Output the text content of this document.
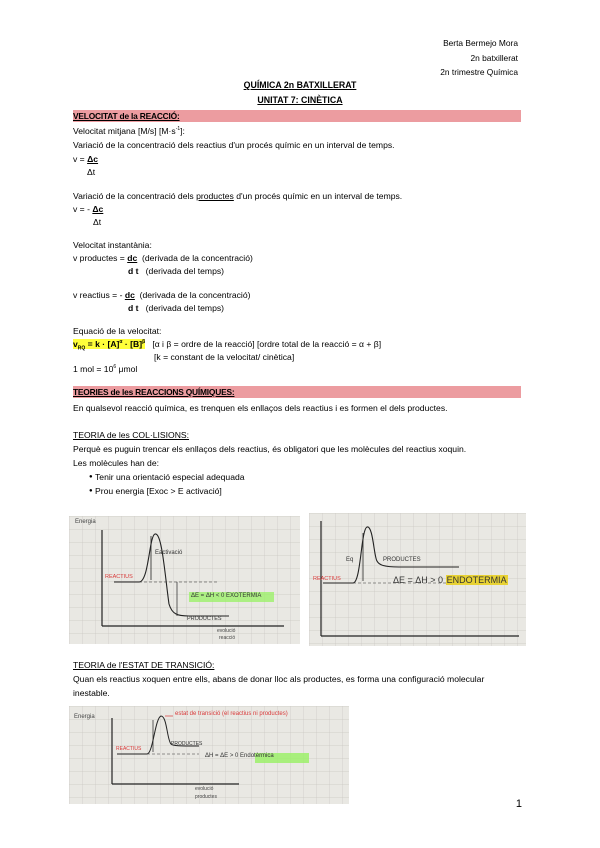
Berta Bermejo Mora
2n batxillerat
2n trimestre Química
QUÍMICA 2n BATXILLERAT
UNITAT 7: CINÈTICA
VELOCITAT de la REACCIÓ:
Velocitat mitjana [M/s] $[M\cdot s^{-1}]$:
Variació de la concentració dels reactius d'un procés químic en un interval de temps.
v = Δc
Δt
Variació de la concentració dels productes d'un procés químic en un interval de temps.
v = - Δc
Δt
Velocitat instantània:
v productes = dc (derivada de la concentració)
d t (derivada del temps)
v reactius = - dc (derivada de la concentració)
d t (derivada del temps)
Equació de la velocitat:
$v_{RQ} = k \cdot [A]^\alpha \cdot [B]^\beta$ [α i β = ordre de la reacció] [ordre total de la reacció = α + β]
[k = constant de la velocitat/ cinètica]
1 mol = $10^6$ μmol
TEORIES de les REACCIONS QUÍMIQUES:
En qualsevol reacció química, es trenquen els enllaços dels reactius i es formen el dels productes.
TEORIA de les COL·LISIONS:
Perquè es puguin trencar els enllaços dels reactius, és obligatori que les molècules del reactius xoquin.
Les molècules han de:
● Tenir una orientació especial adequada
● Prou energia [Exoc > E activació]
Energia
Eactivació
REACTIUS
PRODUCTES
ΔE = ΔH < 0 EXOTERMIA
evolució
reacció
Eq
REACTIUS
PRODUCTES
ΔE = ΔH > 0 ENDOTERMIA
TEORIA de l'ESTAT DE TRANSICIÓ:
Quan els reactius xoquen entre ells, abans de donar lloc als productes, es forma una configuració molecular
inestable.
Energia	estat de transició (el reactius ni productes)
REACTIUS
PRODUCTES
ΔH = ΔE > 0 Endotèrmica
evolució
productes
1
